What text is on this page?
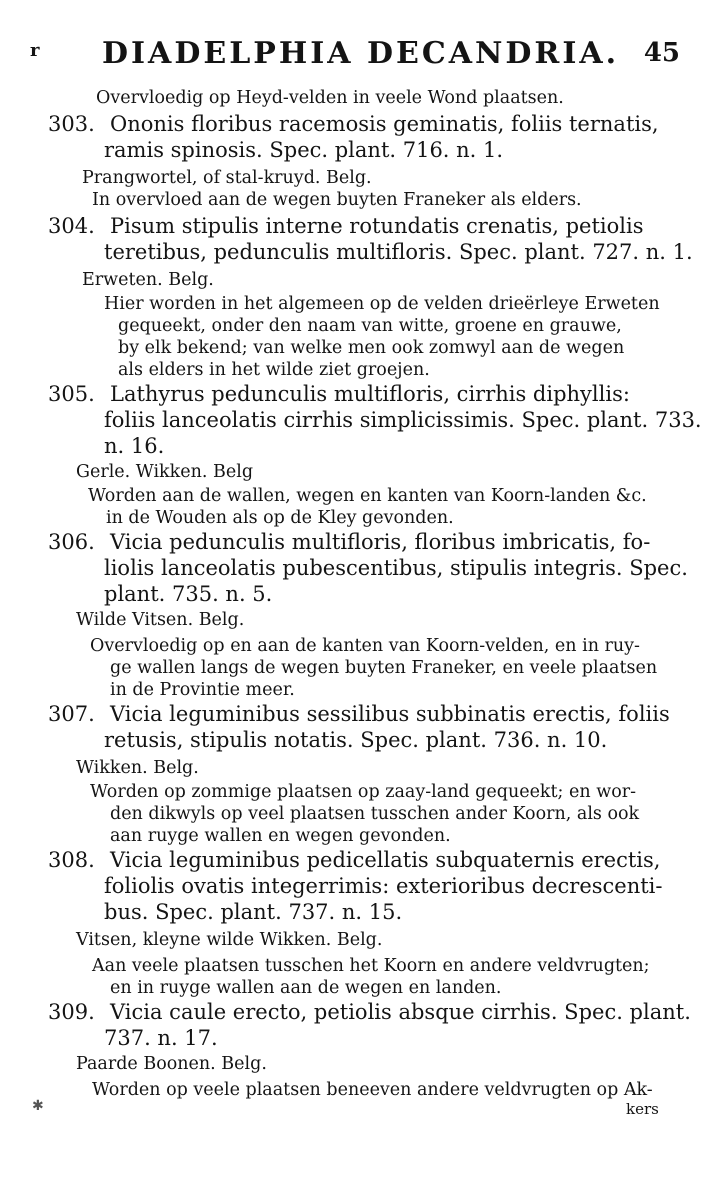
r DIADELPHIA DECANDRIA. 45
Overvloedig op Heyd-velden in veele Wond plaatsen.
303. Ononis floribus racemosis geminatis, foliis ternatis,
ramis spinosis. Spec. plant. 716. n. 1.
Prangwortel, of stal-kruyd. Belg.
In overvloed aan de wegen buyten Franeker als elders.
304. Pisum stipulis interne rotundatis crenatis, petiolis
teretibus, pedunculis multifloris. Spec. plant. 727. n. 1.
Erweten. Belg.
Hier worden in het algemeen op de velden drieërleye Erweten
gequeekt, onder den naam van witte, groene en grauwe,
by elk bekend; van welke men ook zomwyl aan de wegen
als elders in het wilde ziet groejen.
305. Lathyrus pedunculis multifloris, cirrhis diphyllis:
foliis lanceolatis cirrhis simplicissimis. Spec. plant. 733.
n. 16.
Gerle. Wikken. Belg
Worden aan de wallen, wegen en kanten van Koorn-landen &c.
in de Wouden als op de Kley gevonden.
306. Vicia pedunculis multifloris, floribus imbricatis, fo-
liolis lanceolatis pubescentibus, stipulis integris. Spec.
plant. 735. n. 5.
Wilde Vitsen. Belg.
Overvloedig op en aan de kanten van Koorn-velden, en in ruy-
ge wallen langs de wegen buyten Franeker, en veele plaatsen
in de Provintie meer.
307. Vicia leguminibus sessilibus subbinatis erectis, foliis
retusis, stipulis notatis. Spec. plant. 736. n. 10.
Wikken. Belg.
Worden op zommige plaatsen op zaay-land gequeekt; en wor-
den dikwyls op veel plaatsen tusschen ander Koorn, als ook
aan ruyge wallen en wegen gevonden.
308. Vicia leguminibus pedicellatis subquaternis erectis,
foliolis ovatis integerrimis: exterioribus decrescenti-
bus. Spec. plant. 737. n. 15.
Vitsen, kleyne wilde Wikken. Belg.
Aan veele plaatsen tusschen het Koorn en andere veldvrugten;
en in ruyge wallen aan de wegen en landen.
309. Vicia caule erecto, petiolis absque cirrhis. Spec. plant.
737. n. 17.
Paarde Boonen. Belg.
Worden op veele plaatsen beneeven andere veldvrugten op Ak-
✱	kers
